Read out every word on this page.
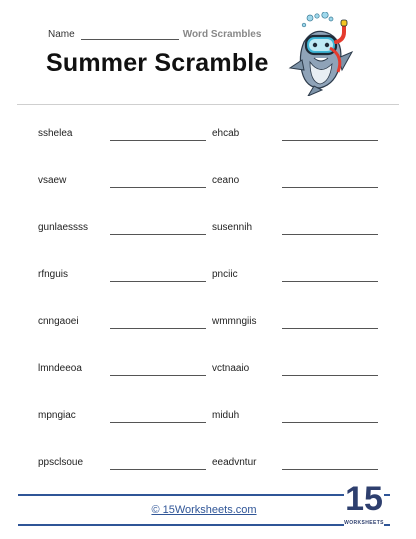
Name	Word Scrambles
Summer Scramble
sshelea	ehcab
vsaew	ceano
gunlaessss	susennih
rfnguis	pnciic
cnngaoei	wmmngiis
lmndeeoa	vctnaaio
mpngiac	miduh
ppsclsoue	eeadvntur
© 15Worksheets.com	15
WORKSHEETS
